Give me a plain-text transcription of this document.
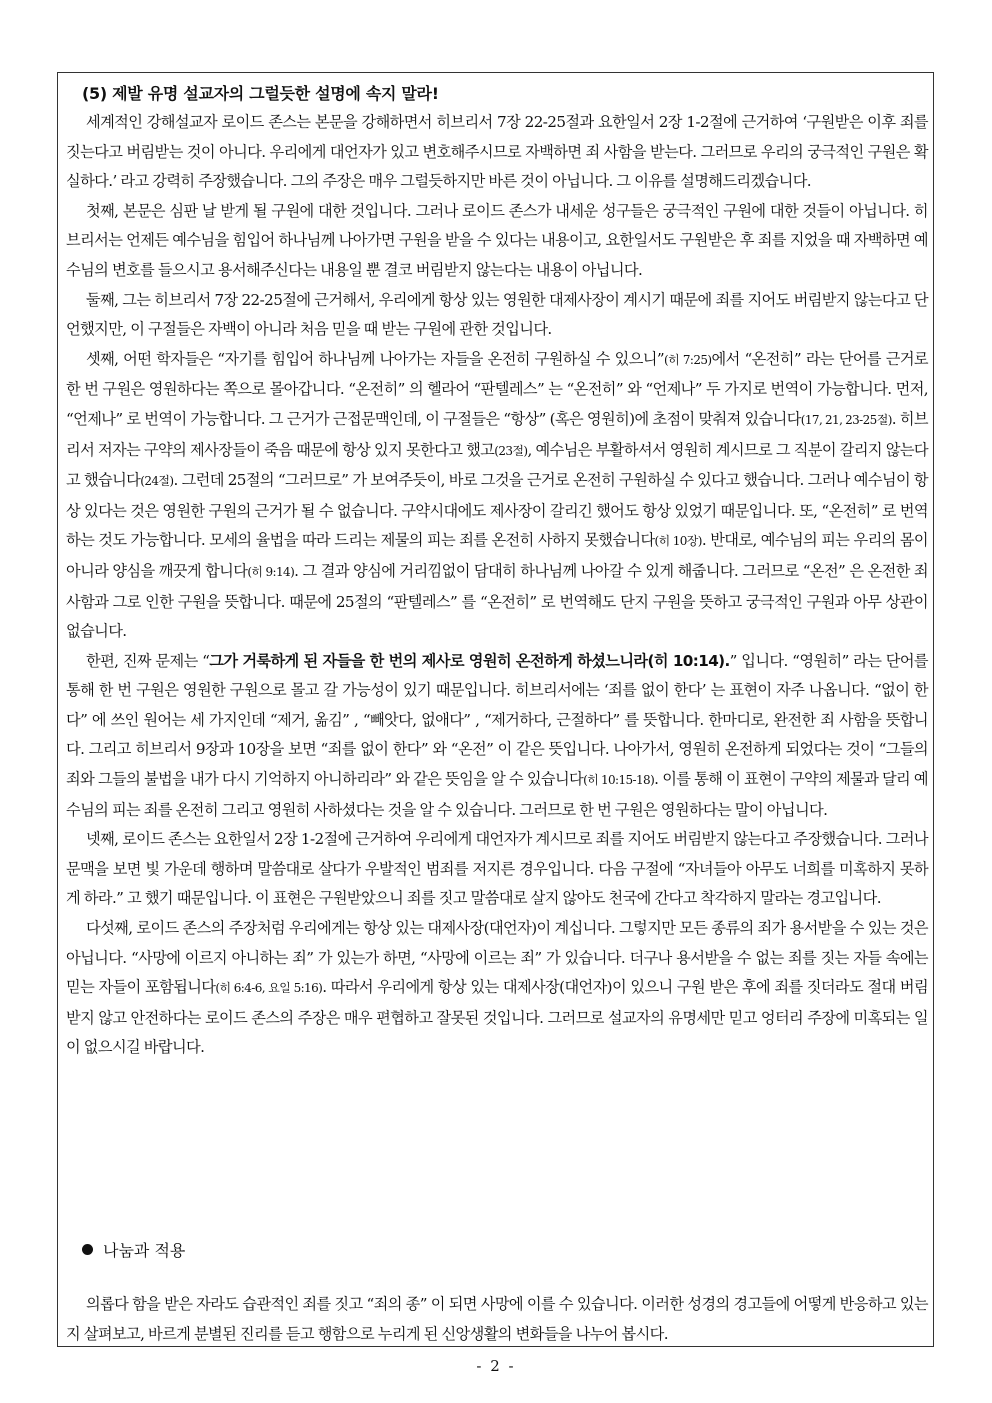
(5) 제발 유명 설교자의 그럴듯한 설명에 속지 말라!

세계적인 강해설교자 로이드 존스는 본문을 강해하면서 히브리서 7장 22-25절과 요한일서 2장 1-2절에 근거하여 ‘구원받은 이후 죄를 짓는다고 버림받는 것이 아니다. 우리에게 대언자가 있고 변호해주시므로 자백하면 죄 사함을 받는다. 그러므로 우리의 궁극적인 구원은 확실하다.’ 라고 강력히 주장했습니다. 그의 주장은 매우 그럴듯하지만 바른 것이 아닙니다. 그 이유를 설명해드리겠습니다.

첫째, 본문은 심판 날 받게 될 구원에 대한 것입니다. 그러나 로이드 존스가 내세운 성구들은 궁극적인 구원에 대한 것들이 아닙니다. 히브리서는 언제든 예수님을 힘입어 하나님께 나아가면 구원을 받을 수 있다는 내용이고, 요한일서도 구원받은 후 죄를 지었을 때 자백하면 예수님의 변호를 들으시고 용서해주신다는 내용일 뿐 결코 버림받지 않는다는 내용이 아닙니다.

둘째, 그는 히브리서 7장 22-25절에 근거해서, 우리에게 항상 있는 영원한 대제사장이 계시기 때문에 죄를 지어도 버림받지 않는다고 단언했지만, 이 구절들은 자백이 아니라 처음 믿을 때 받는 구원에 관한 것입니다.

셋째, 어떤 학자들은 “자기를 힘입어 하나님께 나아가는 자들을 온전히 구원하실 수 있으니”(히 7:25)에서 “온전히” 라는 단어를 근거로 한 번 구원은 영원하다는 쪽으로 몰아갑니다. “온전히” 의 헬라어 “판텔레스” 는 “온전히” 와 “언제나” 두 가지로 번역이 가능합니다. 먼저, “언제나” 로 번역이 가능합니다. 그 근거가 근접문맥인데, 이 구절들은 “항상” (혹은 영원히)에 초점이 맞춰져 있습니다(17, 21, 23-25절). 히브리서 저자는 구약의 제사장들이 죽음 때문에 항상 있지 못한다고 했고(23절), 예수님은 부활하셔서 영원히 계시므로 그 직분이 갈리지 않는다고 했습니다(24절). 그런데 25절의 “그러므로” 가 보여주듯이, 바로 그것을 근거로 온전히 구원하실 수 있다고 했습니다. 그러나 예수님이 항상 있다는 것은 영원한 구원의 근거가 될 수 없습니다. 구약시대에도 제사장이 갈리긴 했어도 항상 있었기 때문입니다. 또, “온전히” 로 번역하는 것도 가능합니다. 모세의 율법을 따라 드리는 제물의 피는 죄를 온전히 사하지 못했습니다(히 10장). 반대로, 예수님의 피는 우리의 몸이 아니라 양심을 깨끗게 합니다(히 9:14). 그 결과 양심에 거리낌없이 담대히 하나님께 나아갈 수 있게 해줍니다. 그러므로 “온전” 은 온전한 죄 사함과 그로 인한 구원을 뜻합니다. 때문에 25절의 “판텔레스” 를 “온전히” 로 번역해도 단지 구원을 뜻하고 궁극적인 구원과 아무 상관이 없습니다.

한편, 진짜 문제는 “그가 거룩하게 된 자들을 한 번의 제사로 영원히 온전하게 하셨느니라(히 10:14).” 입니다. “영원히” 라는 단어를 통해 한 번 구원은 영원한 구원으로 몰고 갈 가능성이 있기 때문입니다. 히브리서에는 ‘죄를 없이 한다’ 는 표현이 자주 나옵니다. “없이 한다” 에 쓰인 원어는 세 가지인데 “제거, 옮김” , “빼앗다, 없애다” , “제거하다, 근절하다” 를 뜻합니다. 한마디로, 완전한 죄 사함을 뜻합니다. 그리고 히브리서 9장과 10장을 보면 “죄를 없이 한다” 와 “온전” 이 같은 뜻입니다. 나아가서, 영원히 온전하게 되었다는 것이 “그들의 죄와 그들의 불법을 내가 다시 기억하지 아니하리라” 와 같은 뜻임을 알 수 있습니다(히 10:15-18). 이를 통해 이 표현이 구약의 제물과 달리 예수님의 피는 죄를 온전히 그리고 영원히 사하셨다는 것을 알 수 있습니다. 그러므로 한 번 구원은 영원하다는 말이 아닙니다.

넷째, 로이드 존스는 요한일서 2장 1-2절에 근거하여 우리에게 대언자가 계시므로 죄를 지어도 버림받지 않는다고 주장했습니다. 그러나 문맥을 보면 빛 가운데 행하며 말씀대로 살다가 우발적인 범죄를 저지른 경우입니다. 다음 구절에 “자녀들아 아무도 너희를 미혹하지 못하게 하라.” 고 했기 때문입니다. 이 표현은 구원받았으니 죄를 짓고 말씀대로 살지 않아도 천국에 간다고 착각하지 말라는 경고입니다.

다섯째, 로이드 존스의 주장처럼 우리에게는 항상 있는 대제사장(대언자)이 계십니다. 그렇지만 모든 종류의 죄가 용서받을 수 있는 것은 아닙니다. “사망에 이르지 아니하는 죄” 가 있는가 하면, “사망에 이르는 죄” 가 있습니다. 더구나 용서받을 수 없는 죄를 짓는 자들 속에는 믿는 자들이 포함됩니다(히 6:4-6, 요일 5:16). 따라서 우리에게 항상 있는 대제사장(대언자)이 있으니 구원 받은 후에 죄를 짓더라도 절대 버림받지 않고 안전하다는 로이드 존스의 주장은 매우 편협하고 잘못된 것입니다. 그러므로 설교자의 유명세만 믿고 엉터리 주장에 미혹되는 일이 없으시길 바랍니다.

나눔과 적용

의롭다 함을 받은 자라도 습관적인 죄를 짓고 “죄의 종” 이 되면 사망에 이를 수 있습니다. 이러한 성경의 경고들에 어떻게 반응하고 있는지 살펴보고, 바르게 분별된 진리를 듣고 행함으로 누리게 된 신앙생활의 변화들을 나누어 봅시다.

- 2 -
